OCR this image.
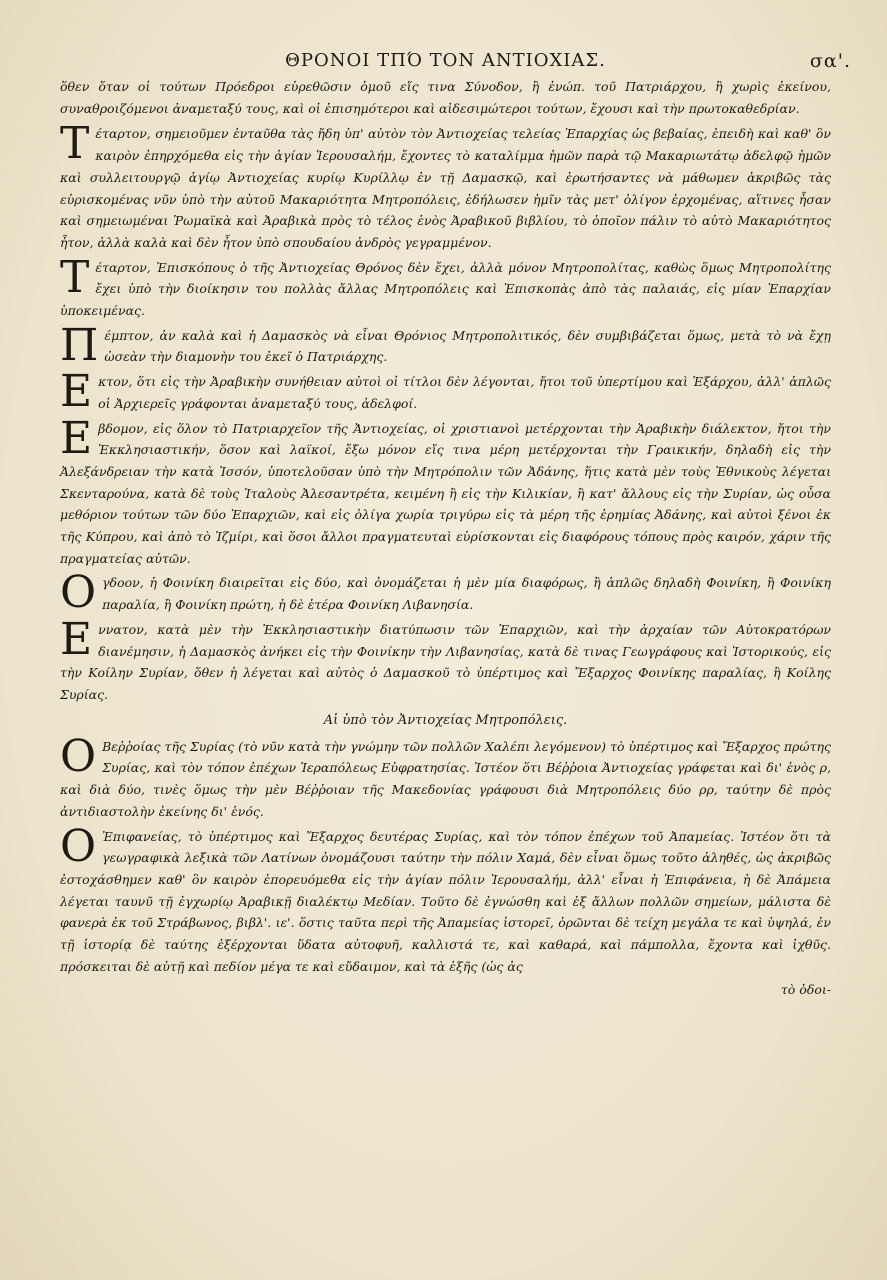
ΘΡΟΝΟΙ ΤΠΌ ΤΟΝ ΑΝΤΙΟΧΙΑΣ.	σα'.

ὅθεν ὅταν οἱ τούτων Πρόεδροι εὑρεθῶσιν ὁμοῦ εἴς τινα Σύνοδον, ἢ ἐνώπ. τοῦ Πατριάρχου, ἢ χωρὶς ἐκείνου, συναθροιζόμενοι ἀναμεταξύ τους, καὶ οἱ ἐπισημότεροι καὶ αἰδεσιμώτεροι τούτων, ἔχουσι καὶ τὴν πρωτοκαθεδρίαν.

Τέταρτον, σημειοῦμεν ἐνταῦθα τὰς ἤδη ὑπ' αὐτὸν τὸν Ἀντιοχείας τελείας Ἐπαρχίας ὡς βεβαίας, ἐπειδὴ καὶ καθ' ὃν καιρὸν ἐπηρχόμεθα εἰς τὴν ἁγίαν Ἱερουσαλήμ, ἔχοντες τὸ καταλίμμα ἡμῶν παρὰ τῷ Μακαριωτάτῳ ἀδελφῷ ἡμῶν καὶ συλλειτουργῷ ἁγίῳ Ἀντιοχείας κυρίῳ Κυρίλλῳ ἐν τῇ Δαμασκῷ, καὶ ἐρωτήσαντες νὰ μάθωμεν ἀκριβῶς τὰς εὑρισκομένας νῦν ὑπὸ τὴν αὐτοῦ Μακαριότητα Μητροπόλεις, ἐδήλωσεν ἡμῖν τὰς μετ' ὀλίγον ἐρχομένας, αἵτινες ἦσαν καὶ σημειωμέναι Ῥωμαϊκὰ καὶ Ἀραβικὰ πρὸς τὸ τέλος ἑνὸς Ἀραβικοῦ βιβλίου, τὸ ὁποῖον πάλιν τὸ αὐτὸ Μακαριότητος ἦτον, ἀλλὰ καλὰ καὶ δὲν ἦτον ὑπὸ σπουδαίου ἀνδρὸς γεγραμμένον.

Τέταρτον, Ἐπισκόπους ὁ τῆς Ἀντιοχείας Θρόνος δὲν ἔχει, ἀλλὰ μόνον Μητροπολίτας, καθὼς ὅμως Μητροπολίτης ἔχει ὑπὸ τὴν διοίκησιν του πολλὰς ἄλλας Μητροπόλεις καὶ Ἐπισκοπὰς ἀπὸ τὰς παλαιάς, εἰς μίαν Ἐπαρχίαν ὑποκειμένας.

Πέμπτον, ἀν καλὰ καὶ ἡ Δαμασκὸς νὰ εἶναι Θρόνιος Μητροπολιτικός, δὲν συμβιβάζεται ὅμως, μετὰ τὸ νὰ ἔχῃ ὡσεὰν τὴν διαμονὴν του ἐκεῖ ὁ Πατριάρχης.

Εκτον, ὅτι εἰς τὴν Ἀραβικὴν συνήθειαν αὐτοὶ οἱ τίτλοι δὲν λέγονται, ἤτοι τοῦ ὑπερτίμου καὶ Ἐξάρχου, ἀλλ' ἁπλῶς οἱ Ἀρχιερεῖς γράφονται ἀναμεταξύ τους, ἀδελφοί.

Εβδομον, εἰς ὅλον τὸ Πατριαρχεῖον τῆς Ἀντιοχείας, οἱ χριστιανοὶ μετέρχονται τὴν Ἀραβικὴν διάλεκτον, ἤτοι τὴν Ἐκκλησιαστικήν, ὅσον καὶ λαϊκοί, ἔξω μόνον εἴς τινα μέρη μετέρχονται τὴν Γραικικήν, δηλαδὴ εἰς τὴν Ἀλεξάνδρειαν τὴν κατὰ Ἰσσόν, ὑποτελοῦσαν ὑπὸ τὴν Μητρόπολιν τῶν Ἀδάνης, ἥτις κατὰ μὲν τοὺς Ἐθνικοὺς λέγεται Σκενταρούνα, κατὰ δὲ τοὺς Ἰταλοὺς Ἀλεσαντρέτα, κειμένη ἢ εἰς τὴν Κιλικίαν, ἢ κατ' ἄλλους εἰς τὴν Συρίαν, ὡς οὖσα μεθόριον τούτων τῶν δύο Ἐπαρχιῶν, καὶ εἰς ὀλίγα χωρία τριγύρω εἰς τὰ μέρη τῆς ἐρημίας Ἀδάνης, καὶ αὐτοὶ ξένοι ἐκ τῆς Κύπρου, καὶ ἀπὸ τὸ Ἰζμίρι, καὶ ὅσοι ἄλλοι πραγματευταὶ εὑρίσκονται εἰς διαφόρους τόπους πρὸς καιρόν, χάριν τῆς πραγματείας αὐτῶν.

Ογδοον, ἡ Φοινίκη διαιρεῖται εἰς δύο, καὶ ὀνομάζεται ἡ μὲν μία διαφόρως, ἢ ἁπλῶς δηλαδὴ Φοινίκη, ἢ Φοινίκη παραλία, ἢ Φοινίκη πρώτη, ἡ δὲ ἑτέρα Φοινίκη Λιβανησία.

Εννατον, κατὰ μὲν τὴν Ἐκκλησιαστικὴν διατύπωσιν τῶν Ἐπαρχιῶν, καὶ τὴν ἀρχαίαν τῶν Αὐτοκρατόρων διανέμησιν, ἡ Δαμασκὸς ἀνήκει εἰς τὴν Φοινίκην τὴν Λιβανησίας, κατὰ δὲ τινας Γεωγράφους καὶ Ἱστορικούς, εἰς τὴν Κοίλην Συρίαν, ὅθεν ἡ λέγεται καὶ αὐτὸς ὁ Δαμασκοῦ τὸ ὑπέρτιμος καὶ Ἔξαρχος Φοινίκης παραλίας, ἢ Κοίλης Συρίας.

Αἱ ὑπὸ τὸν Ἀντιοχείας Μητροπόλεις.

Ο Βεῤῥοίας τῆς Συρίας (τὸ νῦν κατὰ τὴν γνώμην τῶν πολλῶν Χαλέπι λεγόμενον) τὸ ὑπέρτιμος καὶ Ἔξαρχος πρώτης Συρίας, καὶ τὸν τόπον ἐπέχων Ἱεραπόλεως Εὐφρατησίας. Ἰστέον ὅτι Βέῤῥοια Ἀντιοχείας γράφεται καὶ δι' ἑνὸς ρ, καὶ διὰ δύο, τινὲς ὅμως τὴν μὲν Βέῤῥοιαν τῆς Μακεδονίας γράφουσι διὰ Μητροπόλεις δύο ρρ, ταύτην δὲ πρὸς ἀντιδιαστολὴν ἐκείνης δι' ἑνός.

Ο Ἐπιφανείας, τὸ ὑπέρτιμος καὶ Ἔξαρχος δευτέρας Συρίας, καὶ τὸν τόπον ἐπέχων τοῦ Ἀπαμείας. Ἰστέον ὅτι τὰ γεωγραφικὰ λεξικὰ τῶν Λατίνων ὀνομάζουσι ταύτην τὴν πόλιν Χαμά, δὲν εἶναι ὅμως τοῦτο ἀληθές, ὡς ἀκριβῶς ἐστοχάσθημεν καθ' ὃν καιρὸν ἐπορευόμεθα εἰς τὴν ἁγίαν πόλιν Ἱερουσαλήμ, ἀλλ' εἶναι ἡ Ἐπιφάνεια, ἡ δὲ Ἀπάμεια λέγεται ταυνῦ τῇ ἐγχωρίῳ Ἀραβικῇ διαλέκτῳ Μεδίαν. Τοῦτο δὲ ἐγνώσθη καὶ ἐξ ἄλλων πολλῶν σημείων, μάλιστα δὲ φανερὰ ἐκ τοῦ Στράβωνος, βιβλ'. ιε'. ὅστις ταῦτα περὶ τῆς Ἀπαμείας ἱστορεῖ, ὁρῶνται δὲ τείχη μεγάλα τε καὶ ὑψηλά, ἐν τῇ ἱστορίᾳ δὲ ταύτης ἐξέρχονται ὕδατα αὐτοφυῆ, καλλιστά τε, καὶ καθαρά, καὶ πάμπολλα, ἔχοντα καὶ ἰχθῦς. πρόσκειται δὲ αὐτῇ καὶ πεδίον μέγα τε καὶ εὔδαιμον, καὶ τὰ ἑξῆς (ὡς ἀς

τὸ ὁδοι-
